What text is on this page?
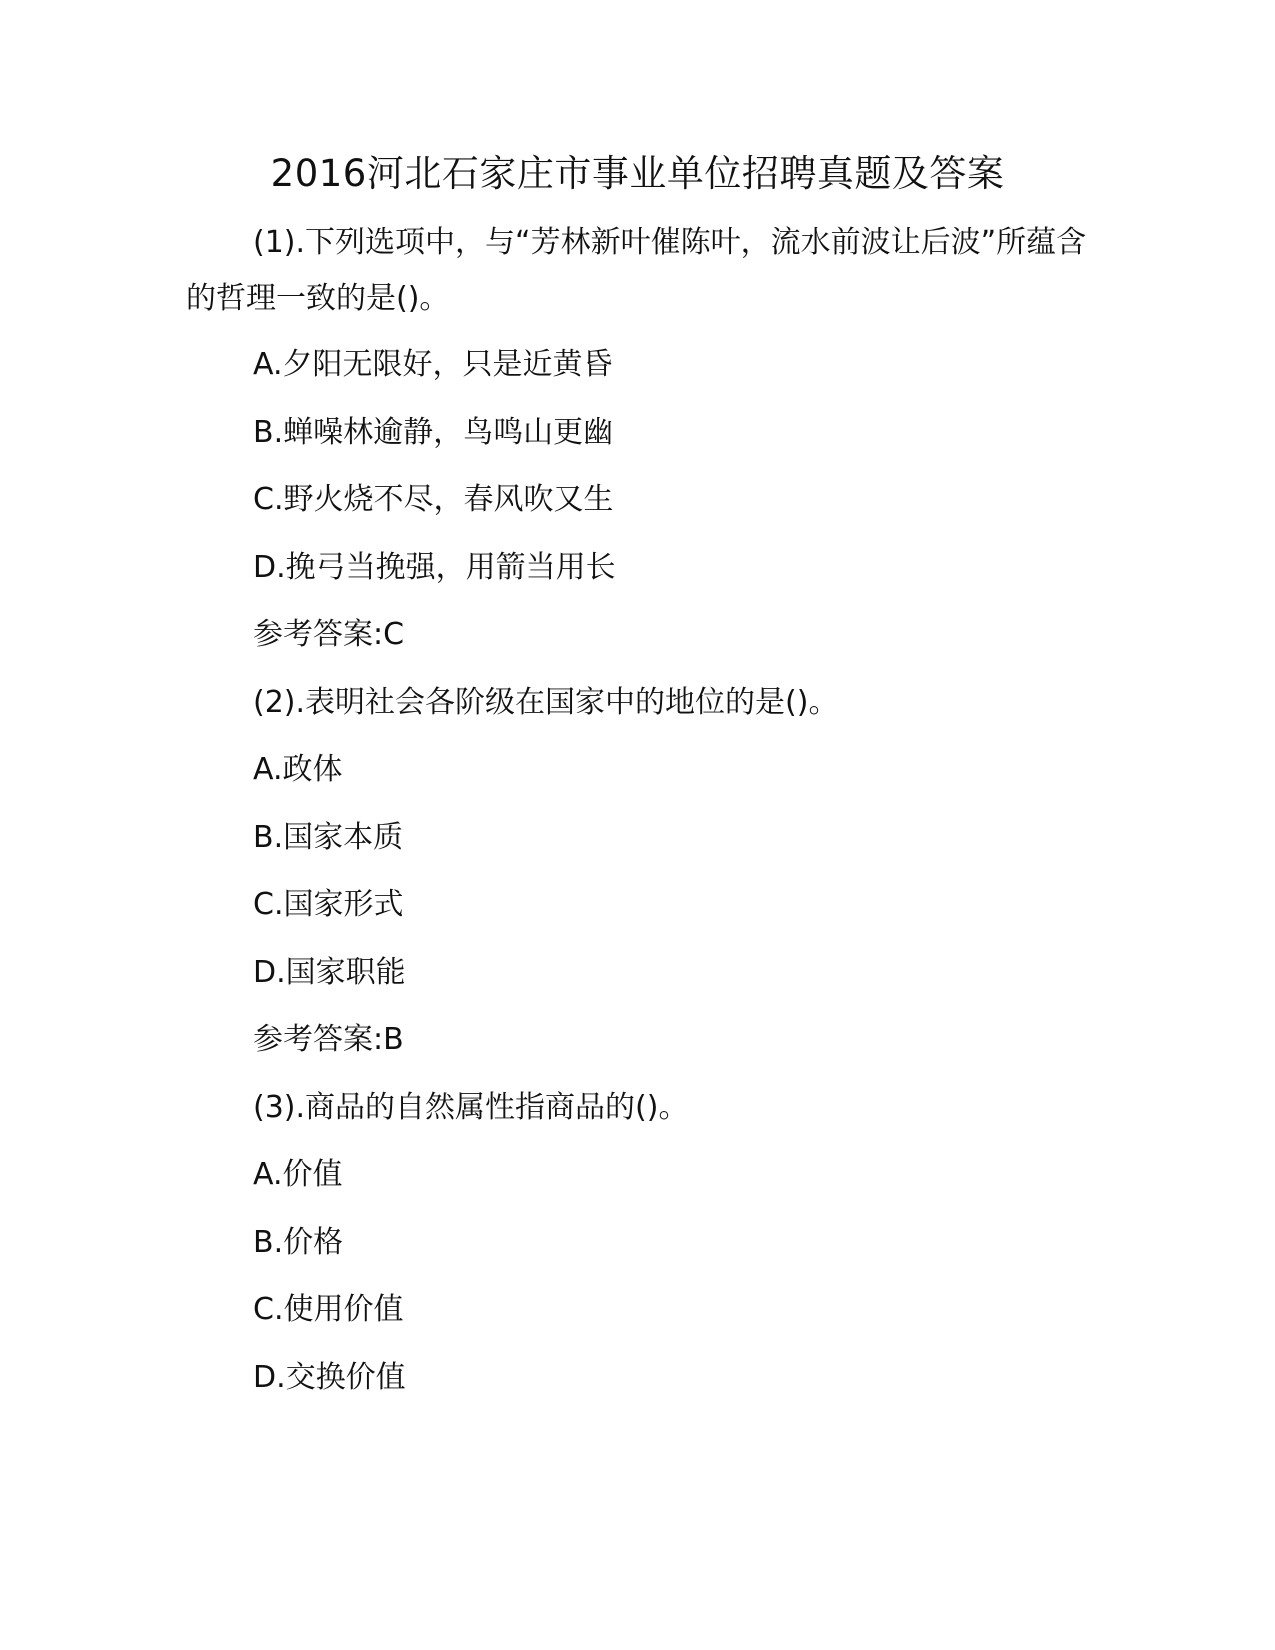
2016河北石家庄市事业单位招聘真题及答案

(1).下列选项中，与“芳林新叶催陈叶，流水前波让后波”所蕴含的哲理一致的是()。

A.夕阳无限好，只是近黄昏

B.蝉噪林逾静，鸟鸣山更幽

C.野火烧不尽，春风吹又生

D.挽弓当挽强，用箭当用长

参考答案:C

(2).表明社会各阶级在国家中的地位的是()。

A.政体

B.国家本质

C.国家形式

D.国家职能

参考答案:B

(3).商品的自然属性指商品的()。

A.价值

B.价格

C.使用价值

D.交换价值
